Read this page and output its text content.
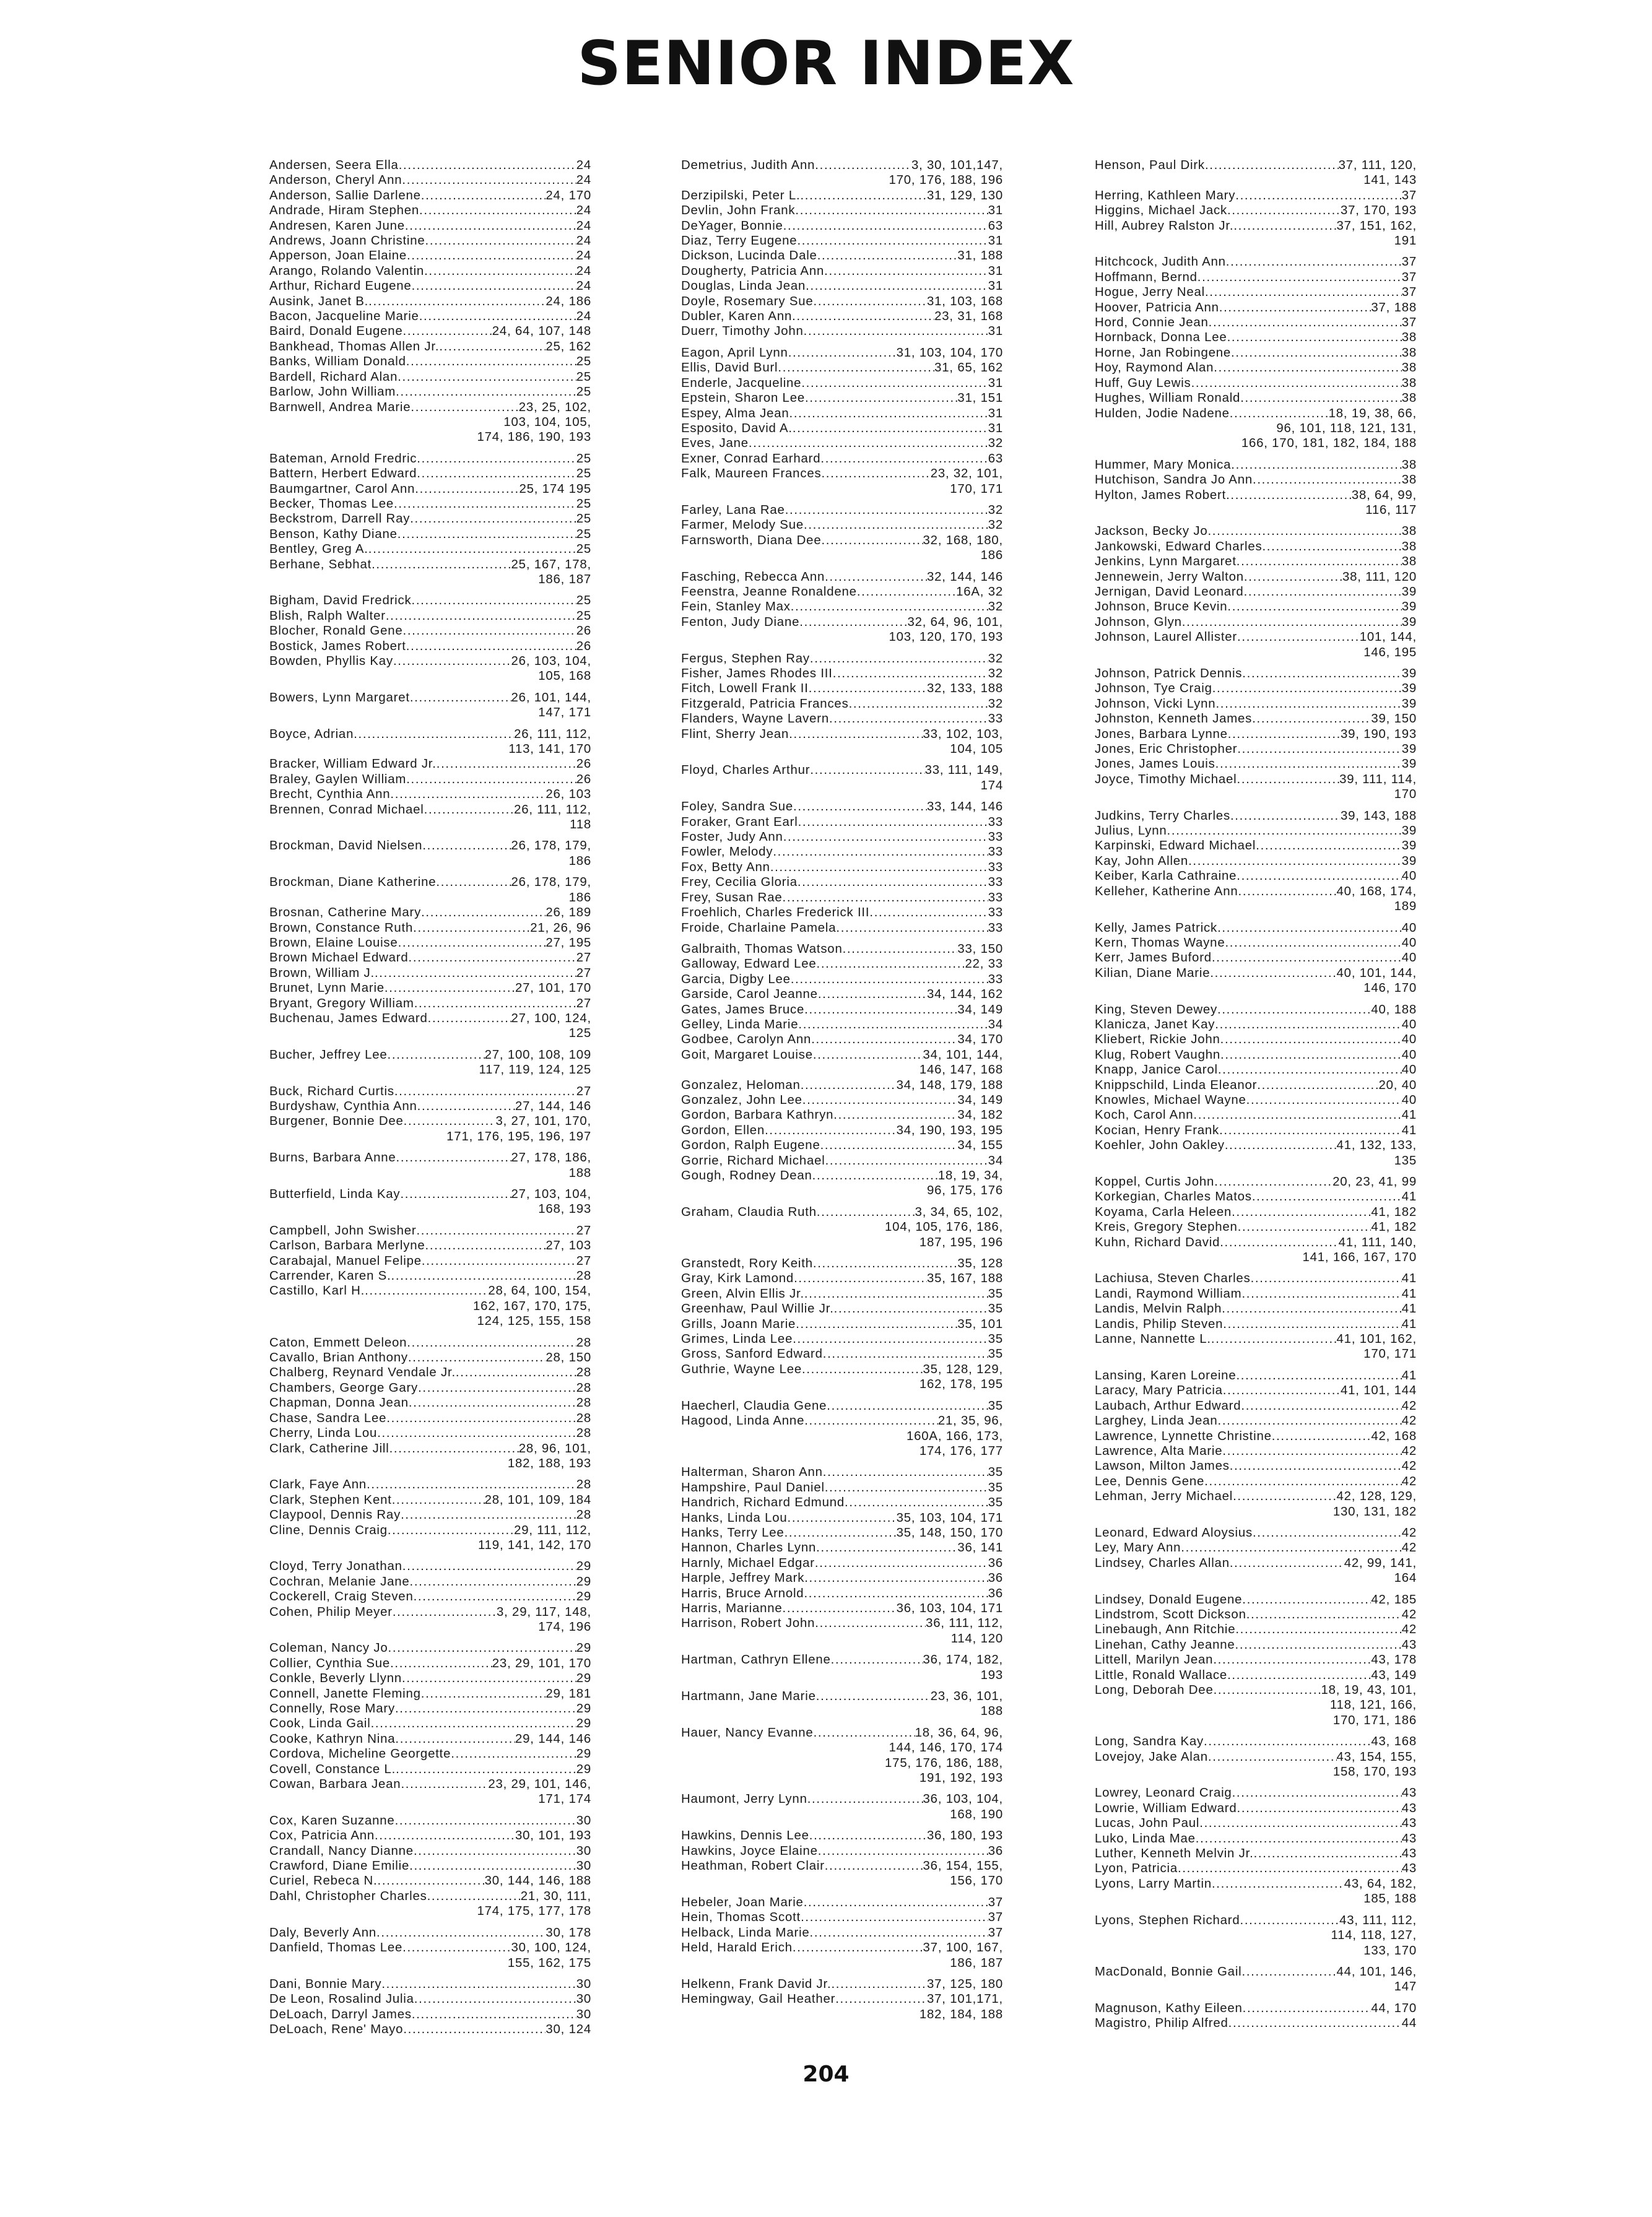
SENIOR INDEX
Andersen, Seera Ella . . .	24
Anderson, Cheryl Ann . . .	24
Anderson, Sallie Darlene . . .	24, 170
Andrade, Hiram Stephen . . .	24
Andresen, Karen June . . .	24
Andrews, Joann Christine . . .	24
Apperson, Joan Elaine . . .	24
Arango, Rolando Valentin . . .	24
Arthur, Richard Eugene . . .	24
Ausink, Janet B. . . .	24, 186
Bacon, Jacqueline Marie . . .	24
Baird, Donald Eugene . . .	24, 64, 107, 148
Bankhead, Thomas Allen Jr. . . .	25, 162
Banks, William Donald . . .	25
Bardell, Richard Alan . . .	25
Barlow, John William . . .	25
Barnwell, Andrea Marie . . .	23, 25, 102,
103, 104, 105,
174, 186, 190, 193
Bateman, Arnold Fredric . . .	25
Battern, Herbert Edward . . .	25
Baumgartner, Carol Ann . . .	25, 174 195
Becker, Thomas Lee . . .	25
Beckstrom, Darrell Ray . . .	25
Benson, Kathy Diane . . .	25
Bentley, Greg A. . . .	25
Berhane, Sebhat . . .	25, 167, 178,
186, 187
Bigham, David Fredrick . . .	25
Blish, Ralph Walter . . .	25
Blocher, Ronald Gene . . .	26
Bostick, James Robert . . .	26
Bowden, Phyllis Kay . . .	26, 103, 104,
105, 168
Bowers, Lynn Margaret . . .	26, 101, 144,
147, 171
Boyce, Adrian . . .	26, 111, 112,
113, 141, 170
Bracker, William Edward Jr. . . .	26
Braley, Gaylen William . . .	26
Brecht, Cynthia Ann . . .	26, 103
Brennen, Conrad Michael . . .	26, 111, 112,
118
Brockman, David Nielsen . . .	26, 178, 179,
186
Brockman, Diane Katherine . . .	26, 178, 179,
186
Brosnan, Catherine Mary . . .	26, 189
Brown, Constance Ruth . . .	21, 26, 96
Brown, Elaine Louise . . .	27, 195
Brown Michael Edward . . .	27
Brown, William J. . . .	27
Brunet, Lynn Marie . . .	27, 101, 170
Bryant, Gregory William . . .	27
Buchenau, James Edward . . .	27, 100, 124,
125
Bucher, Jeffrey Lee . . .	27, 100, 108, 109
117, 119, 124, 125
Buck, Richard Curtis . . .	27
Burdyshaw, Cynthia Ann . . .	27, 144, 146
Burgener, Bonnie Dee . . .	3, 27, 101, 170,
171, 176, 195, 196, 197
Burns, Barbara Anne . . .	27, 178, 186,
188
Butterfield, Linda Kay . . .	27, 103, 104,
168, 193
Campbell, John Swisher . . .	27
Carlson, Barbara Merlyne . . .	27, 103
Carabajal, Manuel Felipe . . .	27
Carrender, Karen S. . . .	28
Castillo, Karl H. . . .	28, 64, 100, 154,
162, 167, 170, 175,
124, 125, 155, 158
Caton, Emmett Deleon . . .	28
Cavallo, Brian Anthony . . .	28, 150
Chalberg, Reynard Vendale Jr. . . .	28
Chambers, George Gary . . .	28
Chapman, Donna Jean . . .	28
Chase, Sandra Lee . . .	28
Cherry, Linda Lou . . .	28
Clark, Catherine Jill . . .	28, 96, 101,
182, 188, 193
Clark, Faye Ann . . .	28
Clark, Stephen Kent . . .	28, 101, 109, 184
Claypool, Dennis Ray . . .	28
Cline, Dennis Craig . . .	29, 111, 112,
119, 141, 142, 170
Cloyd, Terry Jonathan . . .	29
Cochran, Melanie Jane . . .	29
Cockerell, Craig Steven . . .	29
Cohen, Philip Meyer . . .	3, 29, 117, 148,
174, 196
Coleman, Nancy Jo . . .	29
Collier, Cynthia Sue . . .	23, 29, 101, 170
Conkle, Beverly Llynn . . .	29
Connell, Janette Fleming . . .	29, 181
Connelly, Rose Mary . . .	29
Cook, Linda Gail . . .	29
Cooke, Kathryn Nina . . .	29, 144, 146
Cordova, Micheline Georgette . . .	29
Covell, Constance L. . . .	29
Cowan, Barbara Jean . . .	23, 29, 101, 146,
171, 174
Cox, Karen Suzanne . . .	30
Cox, Patricia Ann . . .	30, 101, 193
Crandall, Nancy Dianne . . .	30
Crawford, Diane Emilie . . .	30
Curiel, Rebeca N. . . .	30, 144, 146, 188
Dahl, Christopher Charles . . .	21, 30, 111,
174, 175, 177, 178
Daly, Beverly Ann . . .	30, 178
Danfield, Thomas Lee . . .	30, 100, 124,
155, 162, 175
Dani, Bonnie Mary . . .	30
De Leon, Rosalind Julia . . .	30
DeLoach, Darryl James . . .	30
DeLoach, Rene' Mayo . . .	30, 124
Demetrius, Judith Ann . . .	3, 30, 101,147,
170, 176, 188, 196
Derzipilski, Peter L. . . .	31, 129, 130
Devlin, John Frank . . .	31
DeYager, Bonnie . . .	63
Diaz, Terry Eugene . . .	31
Dickson, Lucinda Dale . . .	31, 188
Dougherty, Patricia Ann . . .	31
Douglas, Linda Jean . . .	31
Doyle, Rosemary Sue . . .	31, 103, 168
Dubler, Karen Ann . . .	23, 31, 168
Duerr, Timothy John . . .	31
Eagon, April Lynn . . .	31, 103, 104, 170
Ellis, David Burl . . .	31, 65, 162
Enderle, Jacqueline . . .	31
Epstein, Sharon Lee . . .	31, 151
Espey, Alma Jean . . .	31
Esposito, David A. . . .	31
Eves, Jane . . .	32
Exner, Conrad Earhard . . .	63
Falk, Maureen Frances . . .	23, 32, 101,
170, 171
Farley, Lana Rae . . .	32
Farmer, Melody Sue . . .	32
Farnsworth, Diana Dee . . .	32, 168, 180,
186
Fasching, Rebecca Ann . . .	32, 144, 146
Feenstra, Jeanne Ronaldene . . .	16A, 32
Fein, Stanley Max . . .	32
Fenton, Judy Diane . . .	32, 64, 96, 101,
103, 120, 170, 193
Fergus, Stephen Ray . . .	32
Fisher, James Rhodes III . . .	32
Fitch, Lowell Frank II . . .	32, 133, 188
Fitzgerald, Patricia Frances . . .	32
Flanders, Wayne Lavern . . .	33
Flint, Sherry Jean . . .	33, 102, 103,
104, 105
Floyd, Charles Arthur . . .	33, 111, 149,
174
Foley, Sandra Sue . . .	33, 144, 146
Foraker, Grant Earl . . .	33
Foster, Judy Ann . . .	33
Fowler, Melody . . .	33
Fox, Betty Ann . . .	33
Frey, Cecilia Gloria . . .	33
Frey, Susan Rae . . .	33
Froehlich, Charles Frederick III . . .	33
Froide, Charlaine Pamela . . .	33
Galbraith, Thomas Watson . . .	33, 150
Galloway, Edward Lee . . .	22, 33
Garcia, Digby Lee . . .	33
Garside, Carol Jeanne . . .	34, 144, 162
Gates, James Bruce . . .	34, 149
Gelley, Linda Marie . . .	34
Godbee, Carolyn Ann . . .	34, 170
Goit, Margaret Louise . . .	34, 101, 144,
146, 147, 168
Gonzalez, Heloman . . .	34, 148, 179, 188
Gonzalez, John Lee . . .	34, 149
Gordon, Barbara Kathryn . . .	34, 182
Gordon, Ellen . . .	34, 190, 193, 195
Gordon, Ralph Eugene . . .	34, 155
Gorrie, Richard Michael . . .	34
Gough, Rodney Dean . . .	18, 19, 34,
96, 175, 176
Graham, Claudia Ruth . . .	3, 34, 65, 102,
104, 105, 176, 186,
187, 195, 196
Granstedt, Rory Keith . . .	35, 128
Gray, Kirk Lamond . . .	35, 167, 188
Green, Alvin Ellis Jr. . . .	35
Greenhaw, Paul Willie Jr. . . .	35
Grills, Joann Marie . . .	35, 101
Grimes, Linda Lee . . .	35
Gross, Sanford Edward . . .	35
Guthrie, Wayne Lee . . .	35, 128, 129,
162, 178, 195
Haecherl, Claudia Gene . . .	35
Hagood, Linda Anne . . .	21, 35, 96,
160A, 166, 173,
174, 176, 177
Halterman, Sharon Ann . . .	35
Hampshire, Paul Daniel . . .	35
Handrich, Richard Edmund . . .	35
Hanks, Linda Lou . . .	35, 103, 104, 171
Hanks, Terry Lee . . .	35, 148, 150, 170
Hannon, Charles Lynn . . .	36, 141
Harnly, Michael Edgar . . .	36
Harple, Jeffrey Mark . . .	36
Harris, Bruce Arnold . . .	36
Harris, Marianne . . .	36, 103, 104, 171
Harrison, Robert John . . .	36, 111, 112,
114, 120
Hartman, Cathryn Ellene . . .	36, 174, 182,
193
Hartmann, Jane Marie . . .	23, 36, 101,
188
Hauer, Nancy Evanne . . .	18, 36, 64, 96,
144, 146, 170, 174
175, 176, 186, 188,
191, 192, 193
Haumont, Jerry Lynn . . .	36, 103, 104,
168, 190
Hawkins, Dennis Lee . . .	36, 180, 193
Hawkins, Joyce Elaine . . .	36
Heathman, Robert Clair . . .	36, 154, 155,
156, 170
Hebeler, Joan Marie . . .	37
Hein, Thomas Scott . . .	37
Helback, Linda Marie . . .	37
Held, Harald Erich . . .	37, 100, 167,
186, 187
Helkenn, Frank David Jr. . . .	37, 125, 180
Hemingway, Gail Heather . . .	37, 101,171,
182, 184, 188
Henson, Paul Dirk . . .	37, 111, 120,
141, 143
Herring, Kathleen Mary . . .	37
Higgins, Michael Jack . . .	37, 170, 193
Hill, Aubrey Ralston Jr. . . .	37, 151, 162,
191
Hitchcock, Judith Ann . . .	37
Hoffmann, Bernd . . .	37
Hogue, Jerry Neal . . .	37
Hoover, Patricia Ann . . .	37, 188
Hord, Connie Jean . . .	37
Hornback, Donna Lee . . .	38
Horne, Jan Robingene . . .	38
Hoy, Raymond Alan . . .	38
Huff, Guy Lewis . . .	38
Hughes, William Ronald . . .	38
Hulden, Jodie Nadene . . .	18, 19, 38, 66,
96, 101, 118, 121, 131,
166, 170, 181, 182, 184, 188
Hummer, Mary Monica . . .	38
Hutchison, Sandra Jo Ann . . .	38
Hylton, James Robert . . .	38, 64, 99,
116, 117
Jackson, Becky Jo . . .	38
Jankowski, Edward Charles . . .	38
Jenkins, Lynn Margaret . . .	38
Jennewein, Jerry Walton . . .	38, 111, 120
Jernigan, David Leonard . . .	39
Johnson, Bruce Kevin . . .	39
Johnson, Glyn . . .	39
Johnson, Laurel Allister . . .	101, 144,
146, 195
Johnson, Patrick Dennis . . .	39
Johnson, Tye Craig . . .	39
Johnson, Vicki Lynn . . .	39
Johnston, Kenneth James . . .	39, 150
Jones, Barbara Lynne . . .	39, 190, 193
Jones, Eric Christopher . . .	39
Jones, James Louis . . .	39
Joyce, Timothy Michael . . .	39, 111, 114,
170
Judkins, Terry Charles . . .	39, 143, 188
Julius, Lynn . . .	39
Karpinski, Edward Michael . . .	39
Kay, John Allen . . .	39
Keiber, Karla Cathraine . . .	40
Kelleher, Katherine Ann . . .	40, 168, 174,
189
Kelly, James Patrick . . .	40
Kern, Thomas Wayne . . .	40
Kerr, James Buford . . .	40
Kilian, Diane Marie . . .	40, 101, 144,
146, 170
King, Steven Dewey . . .	40, 188
Klanicza, Janet Kay . . .	40
Kliebert, Rickie John . . .	40
Klug, Robert Vaughn . . .	40
Knapp, Janice Carol . . .	40
Knippschild, Linda Eleanor . . .	20, 40
Knowles, Michael Wayne . . .	40
Koch, Carol Ann . . .	41
Kocian, Henry Frank . . .	41
Koehler, John Oakley . . .	41, 132, 133,
135
Koppel, Curtis John . . .	20, 23, 41, 99
Korkegian, Charles Matos . . .	41
Koyama, Carla Heleen . . .	41, 182
Kreis, Gregory Stephen . . .	41, 182
Kuhn, Richard David . . .	41, 111, 140,
141, 166, 167, 170
Lachiusa, Steven Charles . . .	41
Landi, Raymond William . . .	41
Landis, Melvin Ralph . . .	41
Landis, Philip Steven . . .	41
Lanne, Nannette L. . . .	41, 101, 162,
170, 171
Lansing, Karen Loreine . . .	41
Laracy, Mary Patricia . . .	41, 101, 144
Laubach, Arthur Edward . . .	42
Larghey, Linda Jean . . .	42
Lawrence, Lynnette Christine . . .	42, 168
Lawrence, Alta Marie . . .	42
Lawson, Milton James . . .	42
Lee, Dennis Gene . . .	42
Lehman, Jerry Michael . . .	42, 128, 129,
130, 131, 182
Leonard, Edward Aloysius . . .	42
Ley, Mary Ann . . .	42
Lindsey, Charles Allan . . .	42, 99, 141,
164
Lindsey, Donald Eugene . . .	42, 185
Lindstrom, Scott Dickson . . .	42
Linebaugh, Ann Ritchie . . .	42
Linehan, Cathy Jeanne . . .	43
Littell, Marilyn Jean . . .	43, 178
Little, Ronald Wallace . . .	43, 149
Long, Deborah Dee . . .	18, 19, 43, 101,
118, 121, 166,
170, 171, 186
Long, Sandra Kay . . .	43, 168
Lovejoy, Jake Alan . . .	43, 154, 155,
158, 170, 193
Lowrey, Leonard Craig . . .	43
Lowrie, William Edward . . .	43
Lucas, John Paul . . .	43
Luko, Linda Mae . . .	43
Luther, Kenneth Melvin Jr. . . .	43
Lyon, Patricia . . .	43
Lyons, Larry Martin . . .	43, 64, 182,
185, 188
Lyons, Stephen Richard . . .	43, 111, 112,
114, 118, 127,
133, 170
MacDonald, Bonnie Gail . . .	44, 101, 146,
147
Magnuson, Kathy Eileen . . .	44, 170
Magistro, Philip Alfred . . .	44
204
